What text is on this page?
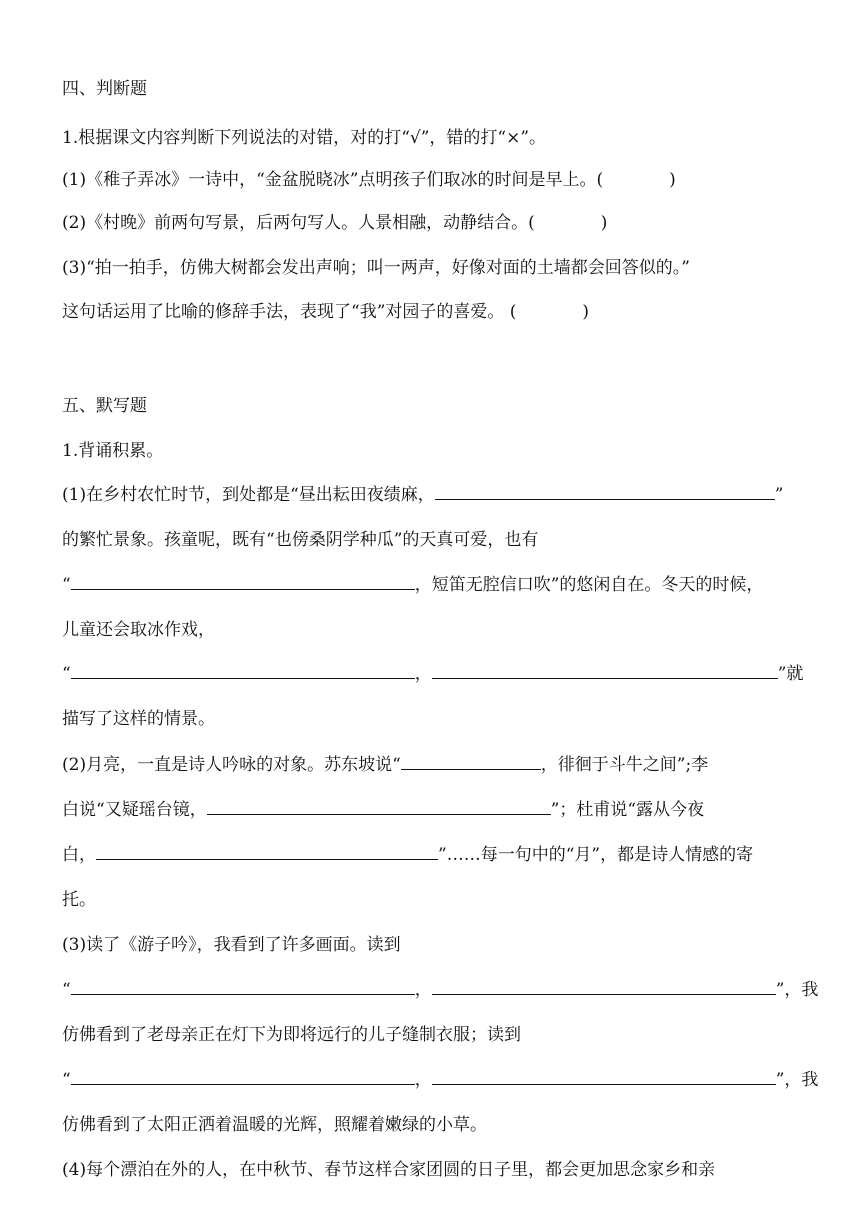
四、判断题
1.根据课文内容判断下列说法的对错，对的打“√”，错的打“×”。
(1)《稚子弄冰》一诗中，“金盆脱晓冰”点明孩子们取冰的时间是早上。(	)
(2)《村晚》前两句写景，后两句写人。人景相融，动静结合。(	)
(3)“拍一拍手，仿佛大树都会发出声响；叫一两声，好像对面的土墙都会回答似的。”
这句话运用了比喻的修辞手法，表现了“我”对园子的喜爱。 (	)
五、默写题
1.背诵积累。
(1)在乡村农忙时节，到处都是“昼出耘田夜绩麻，	”
的繁忙景象。孩童呢，既有“也傍桑阴学种瓜”的天真可爱，也有
“	，短笛无腔信口吹”的悠闲自在。冬天的时候，
儿童还会取冰作戏，
“	，	”就
描写了这样的情景。
(2)月亮，一直是诗人吟咏的对象。苏东坡说“	，徘徊于斗牛之间”;李
白说“又疑瑶台镜，	”；杜甫说“露从今夜
白，	”……每一句中的“月”，都是诗人情感的寄
托。
(3)读了《游子吟》，我看到了许多画面。读到
“	，	”，我
仿佛看到了老母亲正在灯下为即将远行的儿子缝制衣服；读到
“	，	”，我
仿佛看到了太阳正洒着温暖的光辉，照耀着嫩绿的小草。
(4)每个漂泊在外的人，在中秋节、春节这样合家团圆的日子里，都会更加思念家乡和亲
